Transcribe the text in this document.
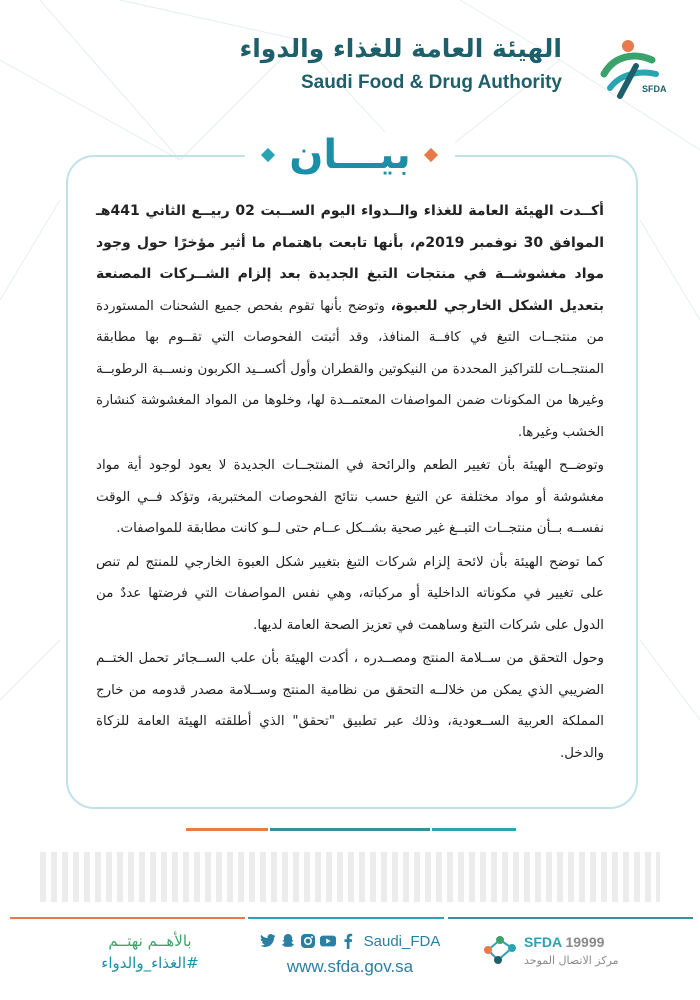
SFDA
الهيئة العامة للغذاء والدواء
Saudi Food & Drug Authority
بيـــان

أكــدت الهيئة العامة للغذاء والــدواء اليوم الســبت 02 ربيــع الثاني 441هـ الموافق 30 نوفمبر 2019م، بأنها تابعت باهتمام ما أثير مؤخرًا حول وجود مواد مغشوشــة في منتجات التبغ الجديدة بعد إلزام الشــركات المصنعة بتعديل الشكل الخارجي للعبوة، وتوضح بأنها تقوم بفحص جميع الشحنات المستوردة من منتجــات التبغ في كافــة المنافذ، وقد أثبتت الفحوصات التي تقــوم بها مطابقة المنتجــات للتراكيز المحددة من النيكوتين والقطران وأول أكســيد الكربون ونســبة الرطوبــة وغيرها من المكونات ضمن المواصفات المعتمــدة لها، وخلوها من المواد المغشوشة كنشارة الخشب وغيرها.

وتوضــح الهيئة بأن تغيير الطعم والرائحة في المنتجــات الجديدة لا يعود لوجود أية مواد مغشوشة أو مواد مختلفة عن التبغ حسب نتائج الفحوصات المختبرية، وتؤكد فــي الوقت نفســه بــأن منتجــات التبــغ غير صحية بشــكل عــام حتى لــو كانت مطابقة للمواصفات.

كما توضح الهيئة بأن لائحة إلزام شركات التبغ بتغيير شكل العبوة الخارجي للمنتج لم تنص على تغيير في مكوناته الداخلية أو مركباته، وهي نفس المواصفات التي فرضتها عددٌ من الدول على شركات التبغ وساهمت في تعزيز الصحة العامة لديها.

وحول التحقق من ســلامة المنتج ومصــدره ، أكدت الهيئة بأن علب الســجائر تحمل الختــم الضريبي الذي يمكن من خلالــه التحقق من نظامية المنتج وســلامة مصدر قدومه من خارج المملكة العربية الســعودية، وذلك عبر تطبيق "تحقق" الذي أطلقته الهيئة العامة للزكاة والدخل.

بالأهــم نهتــم
#الغذاء_والدواء
Saudi_FDA
www.sfda.gov.sa
SFDA 19999
مركز الاتصال الموحد
